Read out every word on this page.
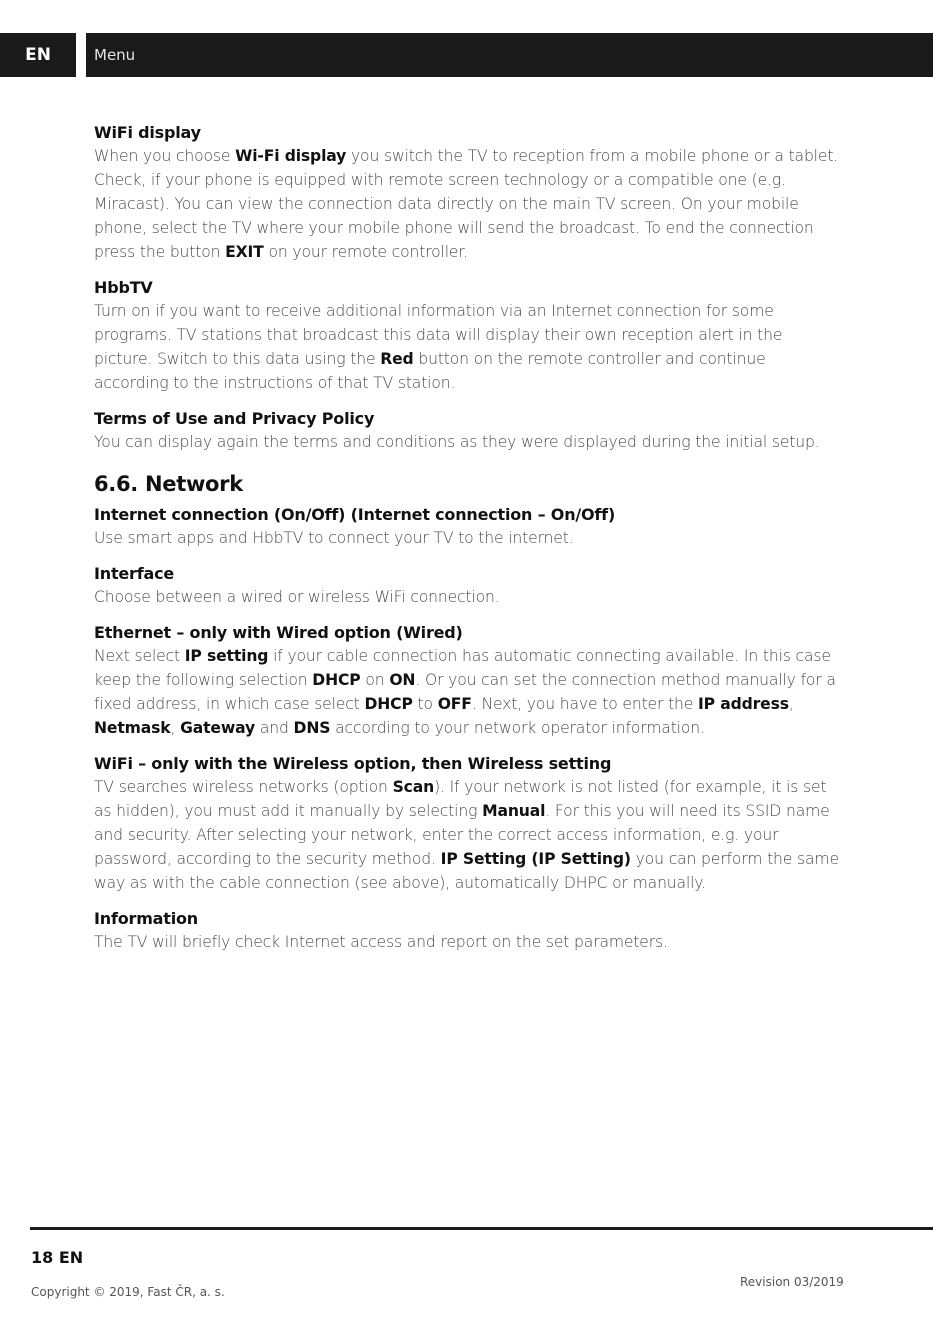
EN	Menu
WiFi display

When you choose Wi-Fi display you switch the TV to reception from a mobile phone or a tablet. Check, if your phone is equipped with remote screen technology or a compatible one (e.g. Miracast). You can view the connection data directly on the main TV screen. On your mobile phone, select the TV where your mobile phone will send the broadcast. To end the connection press the button EXIT on your remote controller.

HbbTV

Turn on if you want to receive additional information via an Internet connection for some programs. TV stations that broadcast this data will display their own reception alert in the picture. Switch to this data using the Red button on the remote controller and continue according to the instructions of that TV station.

Terms of Use and Privacy Policy

You can display again the terms and conditions as they were displayed during the initial setup.

6.6. Network
Internet connection (On/Off) (Internet connection – On/Off)

Use smart apps and HbbTV to connect your TV to the internet.

Interface

Choose between a wired or wireless WiFi connection.

Ethernet – only with Wired option (Wired)

Next select IP setting if your cable connection has automatic connecting available. In this case keep the following selection DHCP on ON. Or you can set the connection method manually for a fixed address, in which case select DHCP to OFF. Next, you have to enter the IP address, Netmask, Gateway and DNS according to your network operator information.

WiFi – only with the Wireless option, then Wireless setting

TV searches wireless networks (option Scan). If your network is not listed (for example, it is set as hidden), you must add it manually by selecting Manual. For this you will need its SSID name and security. After selecting your network, enter the correct access information, e.g. your password, according to the security method. IP Setting (IP Setting) you can perform the same way as with the cable connection (see above), automatically DHPC or manually.

Information

The TV will briefly check Internet access and report on the set parameters.

18 EN
Copyright © 2019, Fast ČR, a. s.
Revision 03/2019
